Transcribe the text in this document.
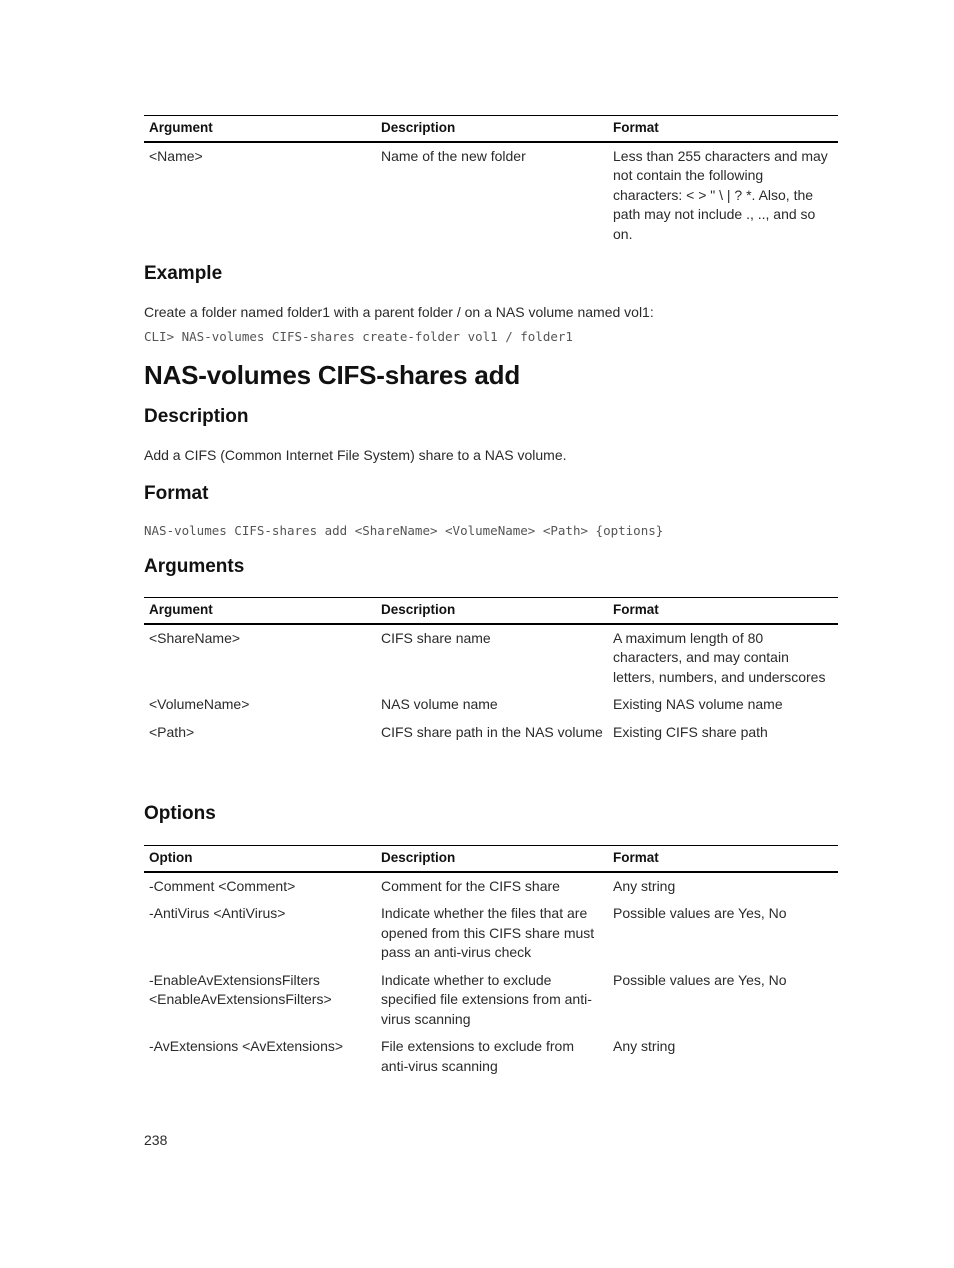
Argument	Description	Format
<Name>	Name of the new folder	Less than 255 characters and may not contain the following characters: < > " \ | ? *. Also, the path may not include ., .., and so on.
Example

Create a folder named folder1 with a parent folder / on a NAS volume named vol1:

CLI> NAS-volumes CIFS-shares create-folder vol1 / folder1
NAS-volumes CIFS-shares add
Description

Add a CIFS (Common Internet File System) share to a NAS volume.

Format
NAS-volumes CIFS-shares add <ShareName> <VolumeName> <Path> {options}
Arguments
Argument	Description	Format
<ShareName>	CIFS share name	A maximum length of 80 characters, and may contain letters, numbers, and underscores
<VolumeName>	NAS volume name	Existing NAS volume name
<Path>	CIFS share path in the NAS volume	Existing CIFS share path
Options
Option	Description	Format
-Comment <Comment>	Comment for the CIFS share	Any string
-AntiVirus <AntiVirus>	Indicate whether the files that are opened from this CIFS share must pass an anti-virus check	Possible values are Yes, No
-EnableAvExtensionsFilters <EnableAvExtensionsFilters>	Indicate whether to exclude specified file extensions from anti-virus scanning	Possible values are Yes, No
-AvExtensions <AvExtensions>	File extensions to exclude from anti-virus scanning	Any string
238
